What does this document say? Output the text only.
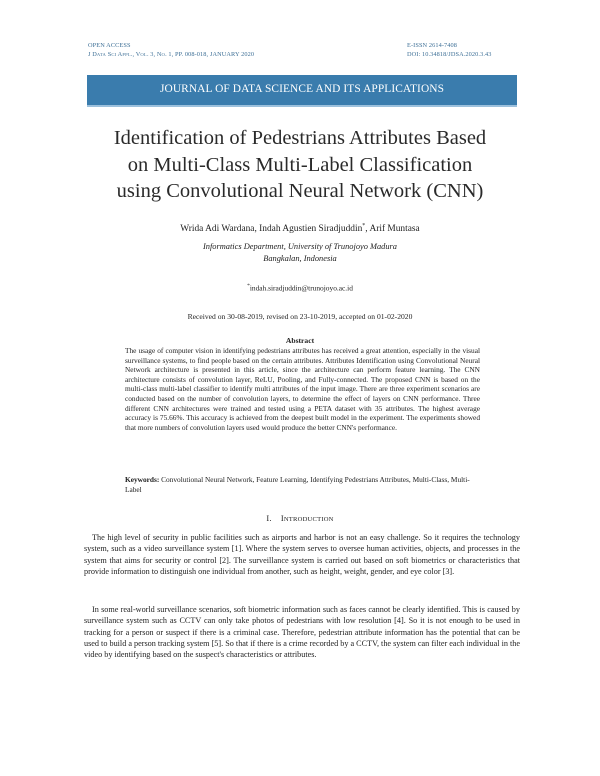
OPEN ACCESS
J DATA SCI APPL., VOL. 3, NO. 1, PP. 008-018, JANUARY 2020
E-ISSN 2614-7408
DOI: 10.34818/JDSA.2020.3.43
JOURNAL OF DATA SCIENCE AND ITS APPLICATIONS
Identification of Pedestrians Attributes Based
on Multi-Class Multi-Label Classification
using Convolutional Neural Network (CNN)
Wrida Adi Wardana, Indah Agustien Siradjuddin*, Arif Muntasa
Informatics Department, University of Trunojoyo Madura
Bangkalan, Indonesia
*indah.siradjuddin@trunojoyo.ac.id
Received on 30-08-2019, revised on 23-10-2019, accepted on 01-02-2020
Abstract
The usage of computer vision in identifying pedestrians attributes has received a great attention, especially in the visual surveillance systems, to find people based on the certain attributes. Attributes Identification using Convolutional Neural Network architecture is presented in this article, since the architecture can perform feature learning. The CNN architecture consists of convolution layer, ReLU, Pooling, and Fully-connected. The proposed CNN is based on the multi-class multi-label classifier to identify multi attributes of the input image. There are three experiment scenarios are conducted based on the number of convolution layers, to determine the effect of layers on CNN performance. Three different CNN architectures were trained and tested using a PETA dataset with 35 attributes. The highest average accuracy is 75.66%. This accuracy is achieved from the deepest built model in the experiment. The experiments showed that more numbers of convolution layers used would produce the better CNN's performance.
Keywords: Convolutional Neural Network, Feature Learning, Identifying Pedestrians Attributes, Multi-Class, Multi-Label
I. INTRODUCTION
The high level of security in public facilities such as airports and harbor is not an easy challenge. So it requires the technology system, such as a video surveillance system [1]. Where the system serves to oversee human activities, objects, and processes in the system that aims for security or control [2]. The surveillance system is carried out based on soft biometrics or characteristics that provide information to distinguish one individual from another, such as height, weight, gender, and eye color [3].
In some real-world surveillance scenarios, soft biometric information such as faces cannot be clearly identified. This is caused by surveillance system such as CCTV can only take photos of pedestrians with low resolution [4]. So it is not enough to be used in tracking for a person or suspect if there is a criminal case. Therefore, pedestrian attribute information has the potential that can be used to build a person tracking system [5]. So that if there is a crime recorded by a CCTV, the system can filter each individual in the video by identifying based on the suspect's characteristics or attributes.
